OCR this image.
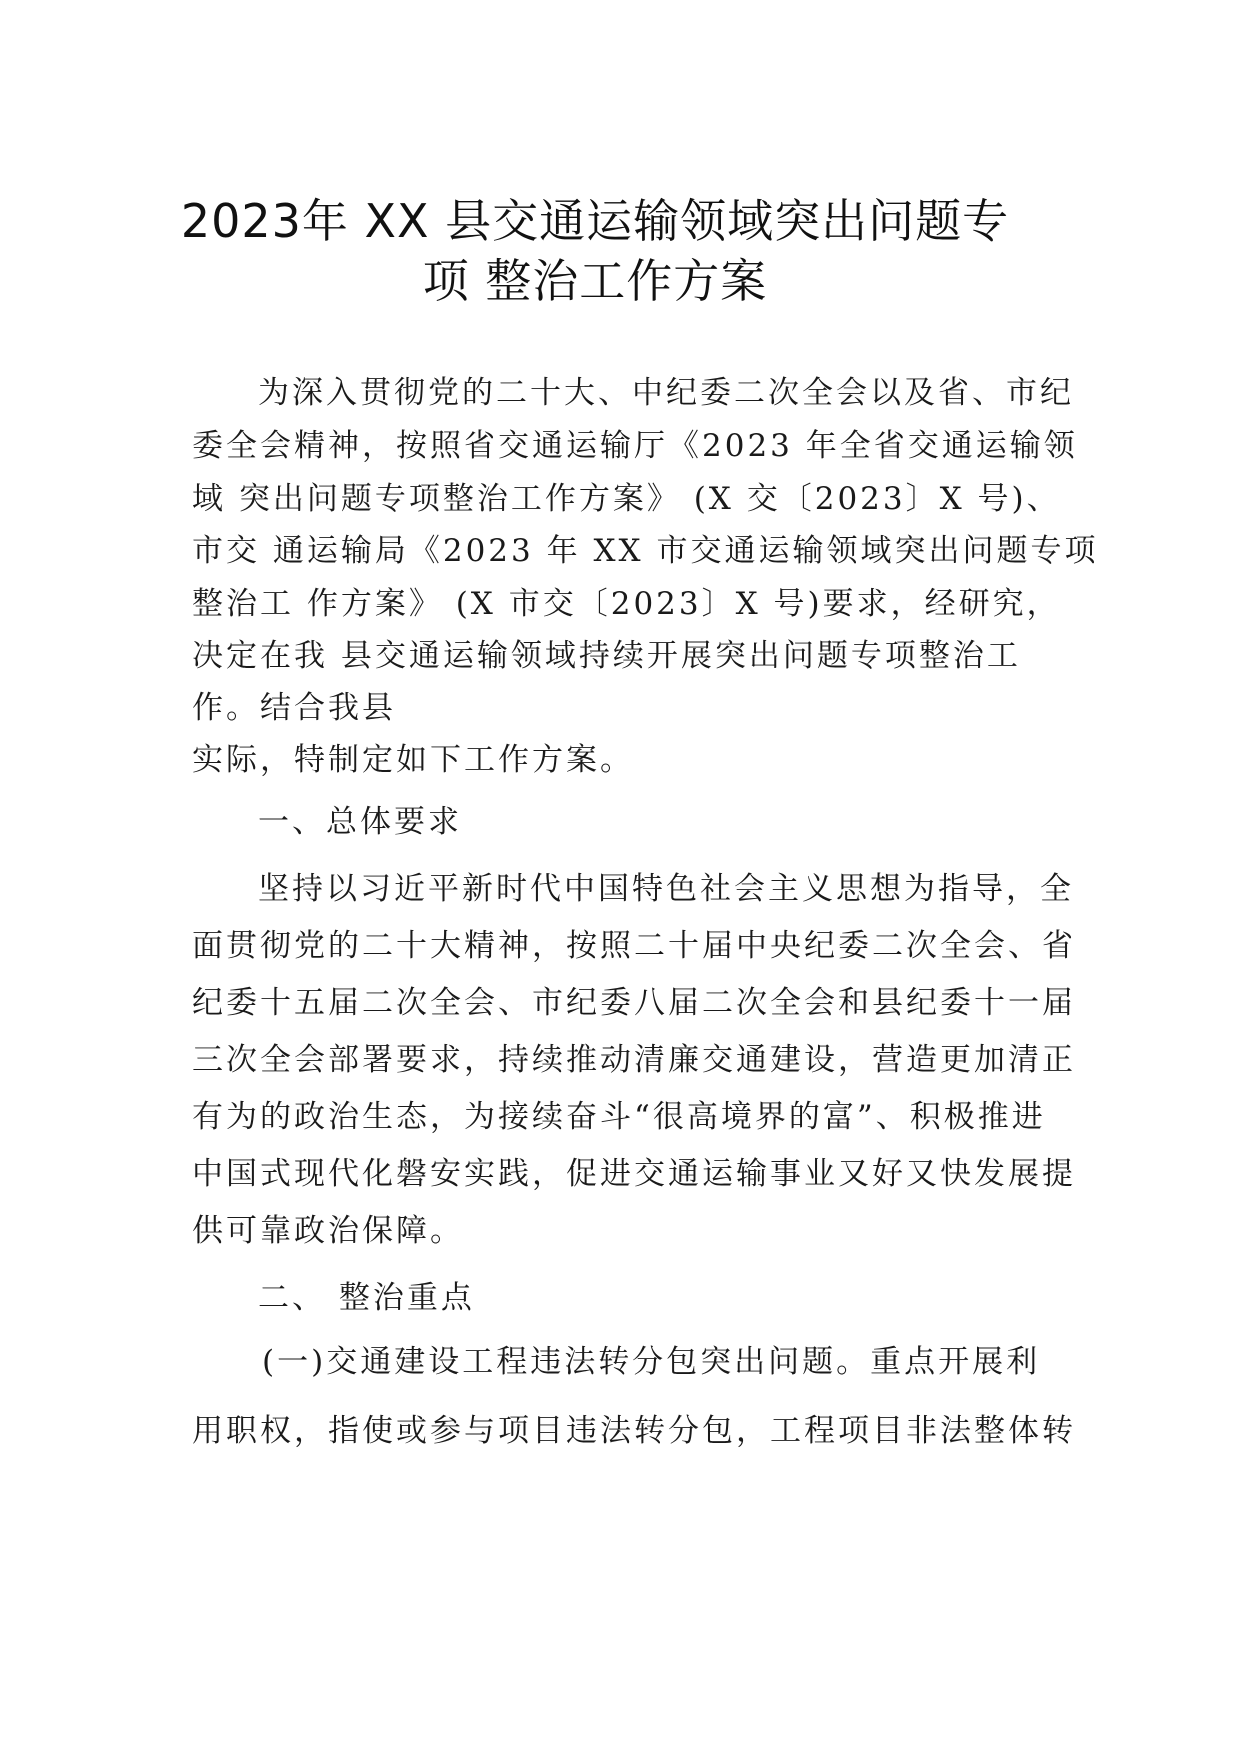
2023年 XX 县交通运输领域突出问题专
项 整治工作方案
为深入贯彻党的二十大、中纪委二次全会以及省、市纪
委全会精神，按照省交通运输厅《2023 年全省交通运输领
域 突出问题专项整治工作方案》 (X 交〔2023〕X 号)、
市交 通运输局《2023 年 XX 市交通运输领域突出问题专项
整治工 作方案》 (X 市交〔2023〕X 号)要求，经研究，
决定在我 县交通运输领域持续开展突出问题专项整治工
作。结合我县
实际，特制定如下工作方案。
一、总体要求
坚持以习近平新时代中国特色社会主义思想为指导，全
面贯彻党的二十大精神，按照二十届中央纪委二次全会、省
纪委十五届二次全会、市纪委八届二次全会和县纪委十一届
三次全会部署要求，持续推动清廉交通建设，营造更加清正
有为的政治生态，为接续奋斗“很高境界的富”、积极推进
中国式现代化磐安实践，促进交通运输事业又好又快发展提
供可靠政治保障。
二、 整治重点
(一)交通建设工程违法转分包突出问题。重点开展利
用职权，指使或参与项目违法转分包，工程项目非法整体转
